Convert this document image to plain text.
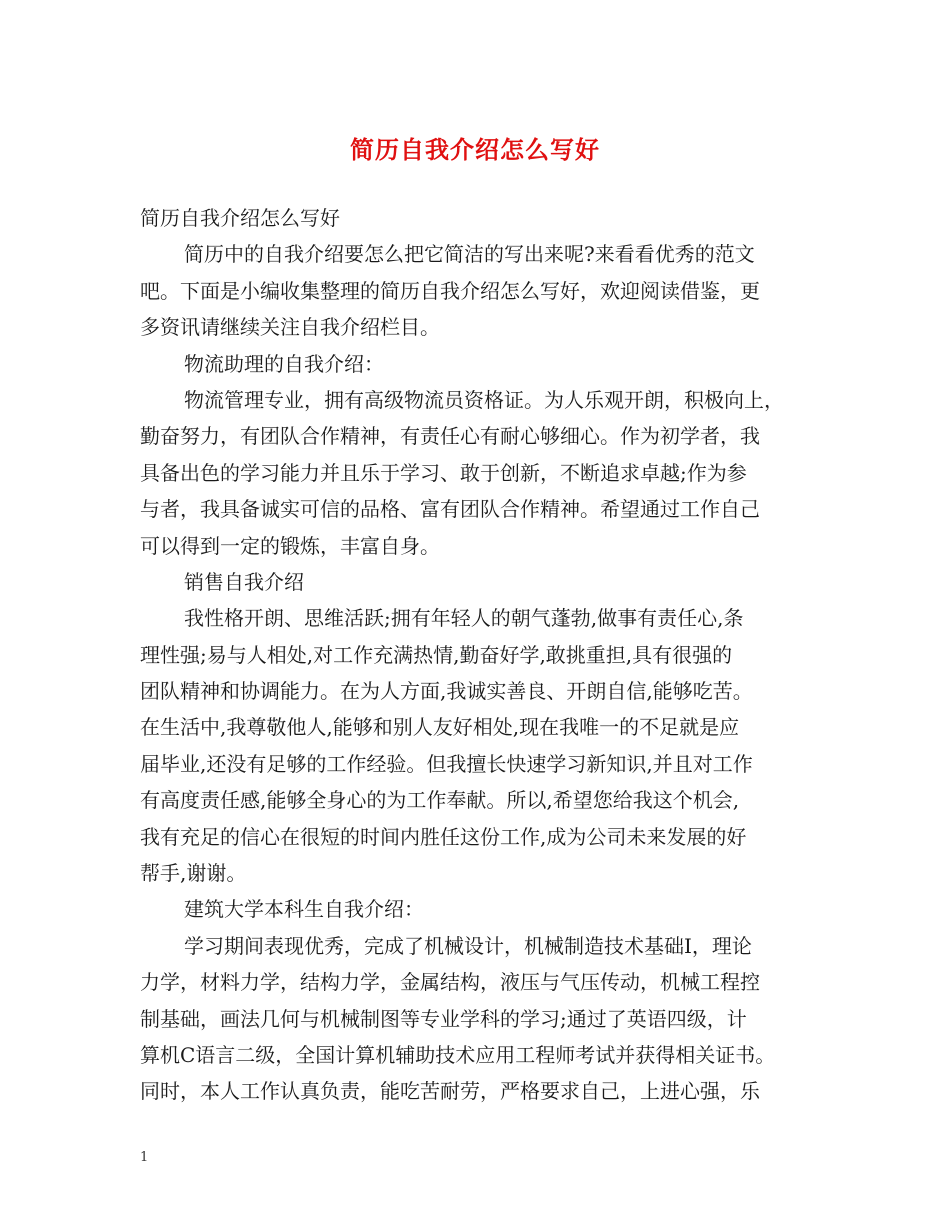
简历自我介绍怎么写好
简历自我介绍怎么写好
简历中的自我介绍要怎么把它简洁的写出来呢?来看看优秀的范文
吧。下面是小编收集整理的简历自我介绍怎么写好，欢迎阅读借鉴，更
多资讯请继续关注自我介绍栏目。
物流助理的自我介绍：
物流管理专业，拥有高级物流员资格证。为人乐观开朗，积极向上，
勤奋努力，有团队合作精神，有责任心有耐心够细心。作为初学者，我
具备出色的学习能力并且乐于学习、敢于创新，不断追求卓越;作为参
与者，我具备诚实可信的品格、富有团队合作精神。希望通过工作自己
可以得到一定的锻炼，丰富自身。
销售自我介绍
我性格开朗、思维活跃;拥有年轻人的朝气蓬勃,做事有责任心,条
理性强;易与人相处,对工作充满热情,勤奋好学,敢挑重担,具有很强的
团队精神和协调能力。在为人方面,我诚实善良、开朗自信,能够吃苦。
在生活中,我尊敬他人,能够和别人友好相处,现在我唯一的不足就是应
届毕业,还没有足够的工作经验。但我擅长快速学习新知识,并且对工作
有高度责任感,能够全身心的为工作奉献。所以,希望您给我这个机会,
我有充足的信心在很短的时间内胜任这份工作,成为公司未来发展的好
帮手,谢谢。
建筑大学本科生自我介绍：
学习期间表现优秀，完成了机械设计，机械制造技术基础Ⅰ，理论
力学，材料力学，结构力学，金属结构，液压与气压传动，机械工程控
制基础，画法几何与机械制图等专业学科的学习;通过了英语四级，计
算机C语言二级，全国计算机辅助技术应用工程师考试并获得相关证书。
同时，本人工作认真负责，能吃苦耐劳，严格要求自己，上进心强，乐
1
